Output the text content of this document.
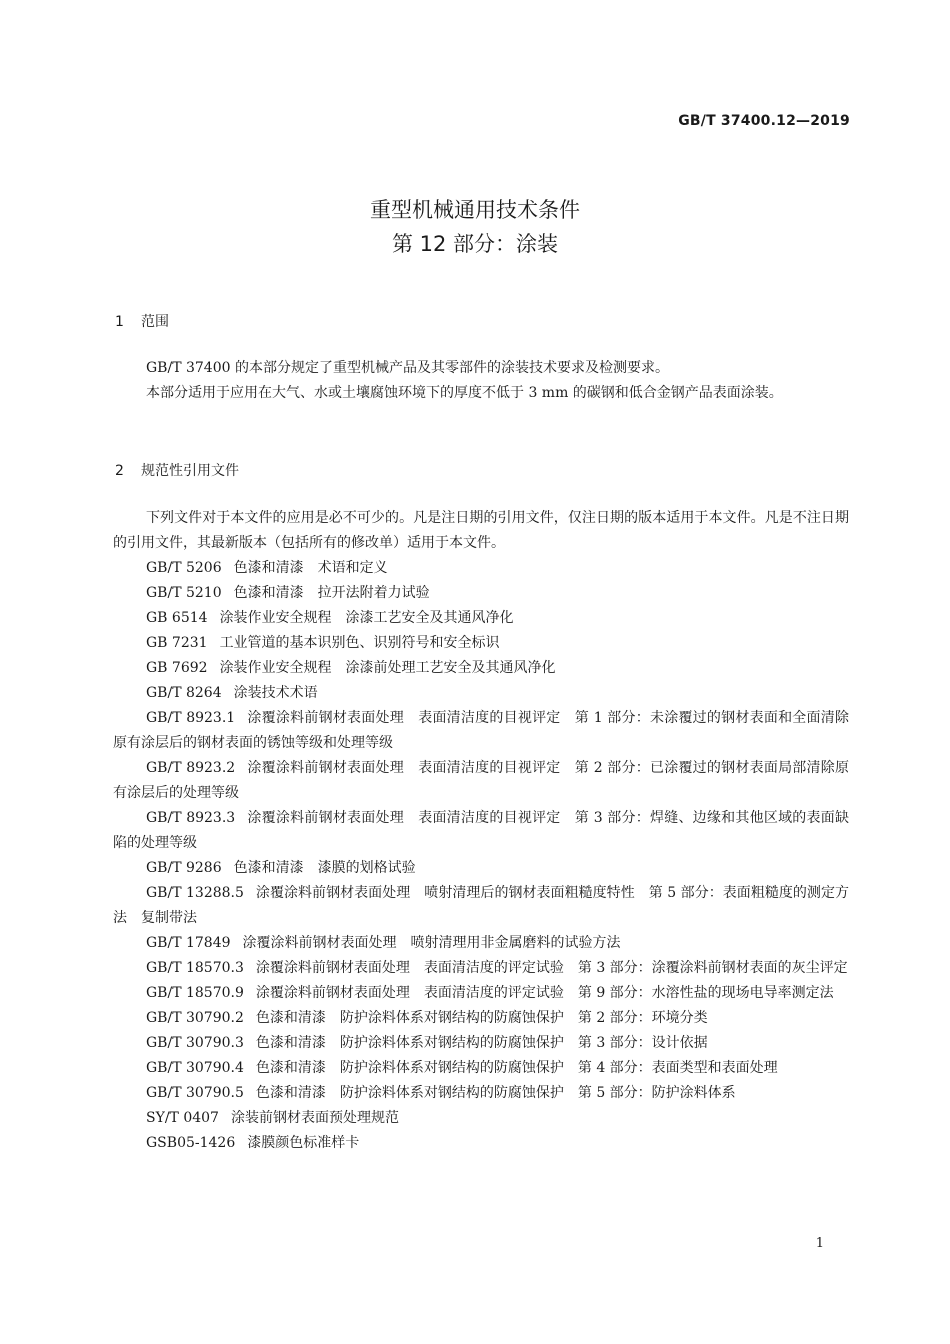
GB/T 37400.12—2019
重型机械通用技术条件
第 12 部分：涂装
1 范围
GB/T 37400 的本部分规定了重型机械产品及其零部件的涂装技术要求及检测要求。
本部分适用于应用在大气、水或土壤腐蚀环境下的厚度不低于 3 mm 的碳钢和低合金钢产品表面涂装。
2 规范性引用文件
下列文件对于本文件的应用是必不可少的。凡是注日期的引用文件，仅注日期的版本适用于本文件。凡是不注日期的引用文件，其最新版本（包括所有的修改单）适用于本文件。
GB/T 5206 色漆和清漆　术语和定义
GB/T 5210 色漆和清漆　拉开法附着力试验
GB 6514 涂装作业安全规程　涂漆工艺安全及其通风净化
GB 7231 工业管道的基本识别色、识别符号和安全标识
GB 7692 涂装作业安全规程　涂漆前处理工艺安全及其通风净化
GB/T 8264 涂装技术术语
GB/T 8923.1 涂覆涂料前钢材表面处理　表面清洁度的目视评定　第 1 部分：未涂覆过的钢材表面和全面清除原有涂层后的钢材表面的锈蚀等级和处理等级
GB/T 8923.2 涂覆涂料前钢材表面处理　表面清洁度的目视评定　第 2 部分：已涂覆过的钢材表面局部清除原有涂层后的处理等级
GB/T 8923.3 涂覆涂料前钢材表面处理　表面清洁度的目视评定　第 3 部分：焊缝、边缘和其他区域的表面缺陷的处理等级
GB/T 9286 色漆和清漆　漆膜的划格试验
GB/T 13288.5 涂覆涂料前钢材表面处理　喷射清理后的钢材表面粗糙度特性　第 5 部分：表面粗糙度的测定方法　复制带法
GB/T 17849 涂覆涂料前钢材表面处理　喷射清理用非金属磨料的试验方法
GB/T 18570.3 涂覆涂料前钢材表面处理　表面清洁度的评定试验　第 3 部分：涂覆涂料前钢材表面的灰尘评定
GB/T 18570.9 涂覆涂料前钢材表面处理　表面清洁度的评定试验　第 9 部分：水溶性盐的现场电导率测定法
GB/T 30790.2 色漆和清漆　防护涂料体系对钢结构的防腐蚀保护　第 2 部分：环境分类
GB/T 30790.3 色漆和清漆　防护涂料体系对钢结构的防腐蚀保护　第 3 部分：设计依据
GB/T 30790.4 色漆和清漆　防护涂料体系对钢结构的防腐蚀保护　第 4 部分：表面类型和表面处理
GB/T 30790.5 色漆和清漆　防护涂料体系对钢结构的防腐蚀保护　第 5 部分：防护涂料体系
SY/T 0407 涂装前钢材表面预处理规范
GSB05-1426 漆膜颜色标准样卡
1
